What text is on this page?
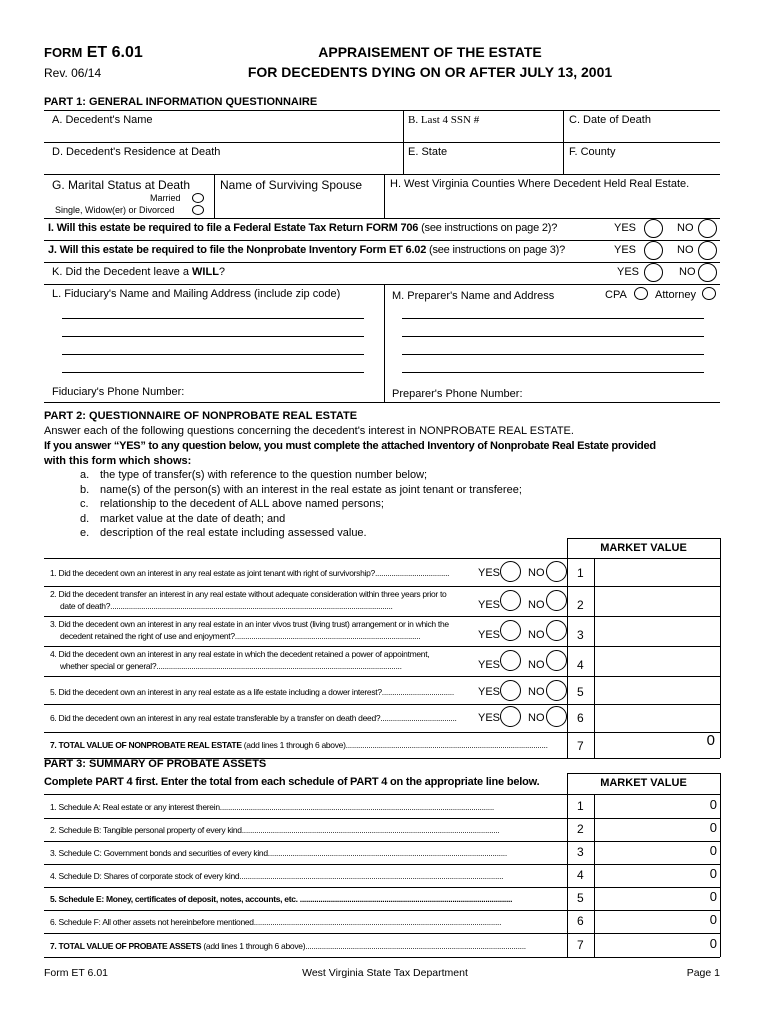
FORM ET 6.01
Rev. 06/14
APPRAISEMENT OF THE ESTATE
FOR DECEDENTS DYING ON OR AFTER JULY 13, 2001
PART 1: GENERAL INFORMATION QUESTIONNAIRE
A. Decedent's Name	B. Last 4 SSN #	C. Date of Death
D. Decedent's Residence at Death	E. State	F. County
G. Marital Status at Death
Married
Single, Widow(er) or Divorced
Name of Surviving Spouse	H. West Virginia Counties Where Decedent Held Real Estate.
I. Will this estate be required to file a Federal Estate Tax Return FORM 706 (see instructions on page 2)?	YES	NO
J. Will this estate be required to file the Nonprobate Inventory Form ET 6.02 (see instructions on page 3)?	YES	NO
K. Did the Decedent leave a WILL?	YES	NO
L. Fiduciary's Name and Mailing Address (include zip code)	M. Preparer's Name and Address	CPA	Attorney
Fiduciary's Phone Number:	Preparer's Phone Number:
PART 2: QUESTIONNAIRE OF NONPROBATE REAL ESTATE
Answer each of the following questions concerning the decedent's interest in NONPROBATE REAL ESTATE.
If you answer “YES” to any question below, you must complete the attached Inventory of Nonprobate Real Estate provided
with this form which shows:
a. the type of transfer(s) with reference to the question number below;
b. name(s) of the person(s) with an interest in the real estate as joint tenant or transferee;
c. relationship to the decedent of ALL above named persons;
d. market value at the date of death; and
e. description of the real estate including assessed value.
MARKET VALUE
1. Did the decedent own an interest in any real estate as joint tenant with right of survivorship?....................................	YES	NO	1
2. Did the decedent transfer an interest in any real estate without adequate consideration within three years prior to
date of death?.........................................................................................................................................	YES	NO	2
3. Did the decedent own an interest in any real estate in an inter vivos trust (living trust) arrangement or in which the
decedent retained the right of use and enjoyment?..........................................................................................	YES	NO	3
4. Did the decedent own an interest in any real estate in which the decedent retained a power of appointment,
whether special or general?.......................................................................................................................	YES	NO	4
5. Did the decedent own an interest in any real estate as a life estate including a dower interest?...................................	YES	NO	5
6. Did the decedent own an interest in any real estate transferable by a transfer on death deed?.....................................	YES	NO	6
7. TOTAL VALUE OF NONPROBATE REAL ESTATE (add lines 1 through 6 above)..................................................................................................	7	0
PART 3: SUMMARY OF PROBATE ASSETS
Complete PART 4 first. Enter the total from each schedule of PART 4 on the appropriate line below.	MARKET VALUE
1. Schedule A: Real estate or any interest therein.....................................................................................................................................	1	0
2. Schedule B: Tangible personal property of every kind.............................................................................................................................	2	0
3. Schedule C: Government bonds and securities of every kind....................................................................................................................	3	0
4. Schedule D: Shares of corporate stock of every kind................................................................................................................................	4	0
5. Schedule E: Money, certificates of deposit, notes, accounts, etc. .......................................................................................................	5	0
6. Schedule F: All other assets not hereinbefore mentioned........................................................................................................................	6	0
7. TOTAL VALUE OF PROBATE ASSETS (add lines 1 through 6 above)...........................................................................................................	7	0
Form ET 6.01	West Virginia State Tax Department	Page 1
